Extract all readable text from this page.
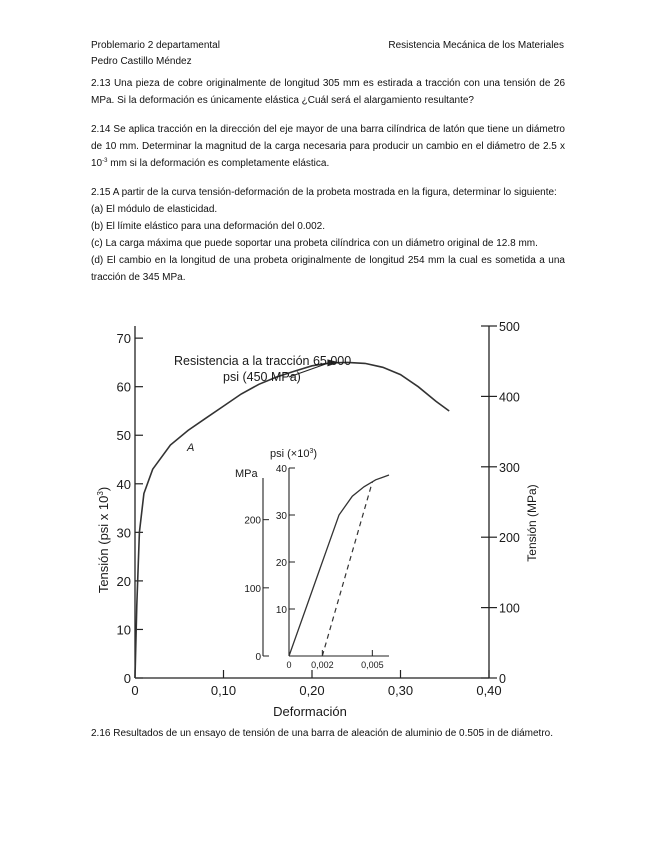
Problemario 2 departamental
Pedro Castillo Méndez
Resistencia Mecánica de los Materiales
2.13 Una pieza de cobre originalmente de longitud 305 mm es estirada a tracción con una tensión de 26 MPa. Si la deformación es únicamente elástica ¿Cuál será el alargamiento resultante?
2.14 Se aplica tracción en la dirección del eje mayor de una barra cilíndrica de latón que tiene un diámetro de 10 mm. Determinar la magnitud de la carga necesaria para producir un cambio en el diámetro de 2.5 x $10^{-3}$ mm si la deformación es completamente elástica.
2.15 A partir de la curva tensión-deformación de la probeta mostrada en la figura, determinar lo siguiente:
(a) El módulo de elasticidad.
(b) El límite elástico para una deformación del 0.002.
(c) La carga máxima que puede soportar una probeta cilíndrica con un diámetro original de 12.8 mm.
(d) El cambio en la longitud de una probeta originalmente de longitud 254 mm la cual es sometida a una tracción de 345 MPa.
0
10
20
30
40
50
60
70
0
100
200
300
400
500
0	0,10	0,20	0,30	0,40
10
20
30
40
0
100
200
0 0,002	0,005
Tensión (psi x $10^3$)	Tensión (MPa)
Deformación
Resistencia a la tracción 65 000
psi (450 MPa)
A	psi $(\times 10^3)$
MPa
2.16 Resultados de un ensayo de tensión de una barra de aleación de aluminio de 0.505 in de diámetro.
